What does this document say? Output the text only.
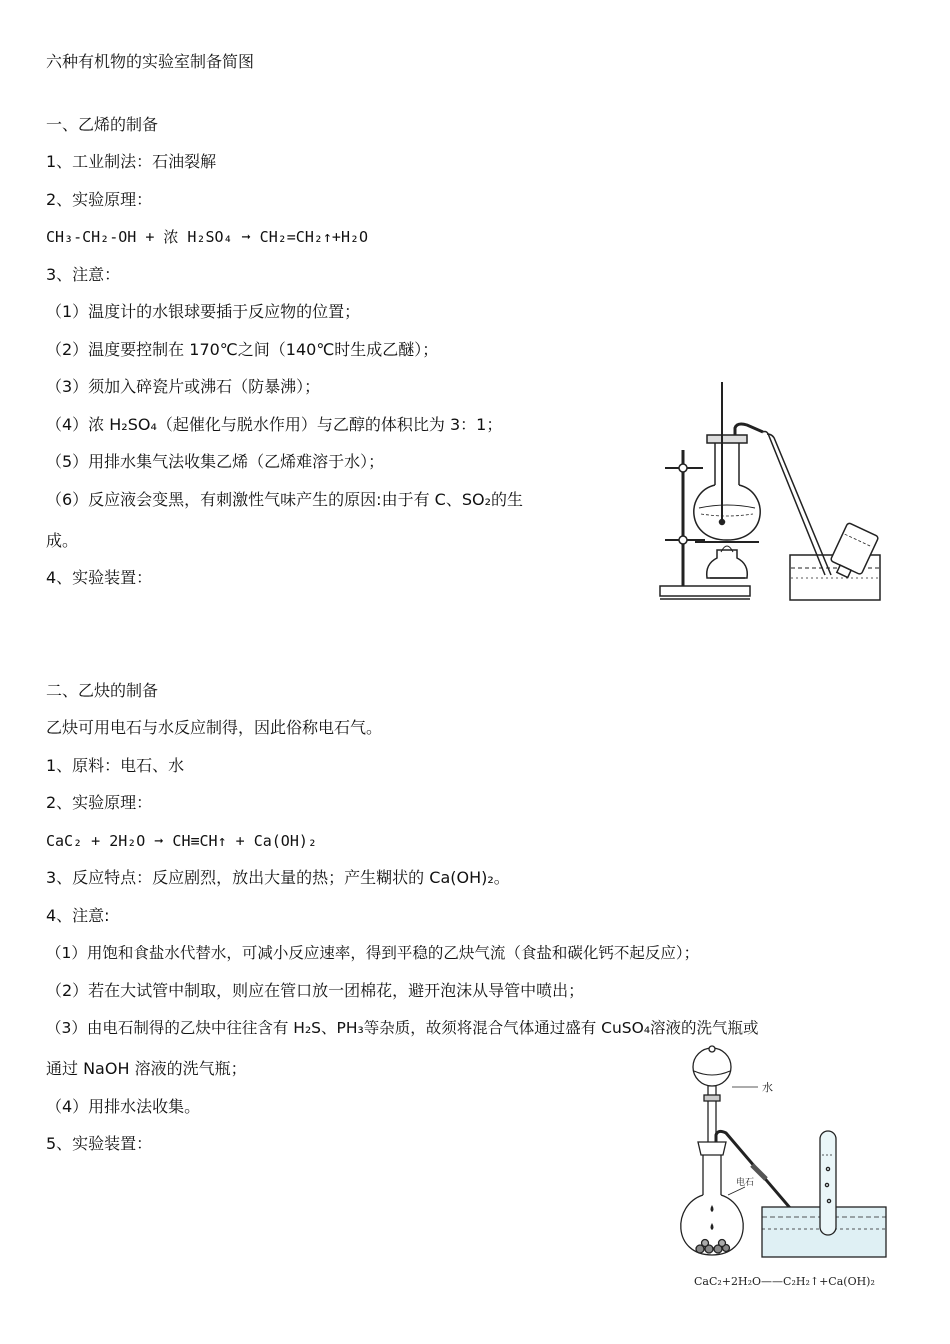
六种有机物的实验室制备简图
一、乙烯的制备
1、工业制法：石油裂解
2、实验原理：
CH₃-CH₂-OH + 浓 H₂SO₄ ➞ CH₂=CH₂↑+H₂O
3、注意：
（1）温度计的水银球要插于反应物的位置；
（2）温度要控制在 170℃之间（140℃时生成乙醚）；
（3）须加入碎瓷片或沸石（防暴沸）；
（4）浓 H₂SO₄（起催化与脱水作用）与乙醇的体积比为 3：1；
（5）用排水集气法收集乙烯（乙烯难溶于水）；
（6）反应液会变黑，有刺激性气味产生的原因:由于有 C、SO₂的生
成。
4、实验装置：
二、乙炔的制备
乙炔可用电石与水反应制得，因此俗称电石气。
1、原料：电石、水
2、实验原理：
CaC₂ + 2H₂O ➞ CH≡CH↑ + Ca(OH)₂
3、反应特点：反应剧烈，放出大量的热；产生糊状的 Ca(OH)₂。
4、注意:
（1）用饱和食盐水代替水，可减小反应速率，得到平稳的乙炔气流（食盐和碳化钙不起反应）；
（2）若在大试管中制取，则应在管口放一团棉花，避开泡沫从导管中喷出；
（3）由电石制得的乙炔中往往含有 H₂S、PH₃等杂质，故须将混合气体通过盛有 CuSO₄溶液的洗气瓶或
通过 NaOH 溶液的洗气瓶；
（4）用排水法收集。
5、实验装置：
水
电石
CaC₂+2H₂O——C₂H₂↑+Ca(OH)₂
